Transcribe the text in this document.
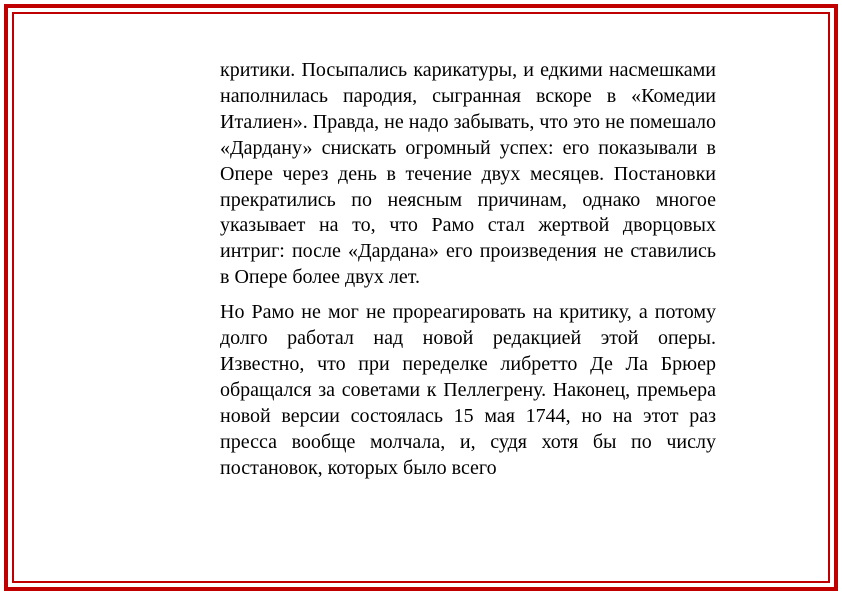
критики. Посыпались карикатуры, и едкими насмешками наполнилась пародия, сыгранная вскоре в «Комедии Италиен». Правда, не надо забывать, что это не помешало «Дардану» снискать огромный успех: его показывали в Опере через день в течение двух месяцев. Постановки прекратились по неясным причинам, однако многое указывает на то, что Рамо стал жертвой дворцовых интриг: после «Дардана» его произведения не ставились в Опере более двух лет.

Но Рамо не мог не прореагировать на критику, а потому долго работал над новой редакцией этой оперы. Известно, что при переделке либретто Де Ла Брюер обращался за советами к Пеллегрену. Наконец, премьера новой версии состоялась 15 мая 1744, но на этот раз пресса вообще молчала, и, судя хотя бы по числу постановок, которых было всего
